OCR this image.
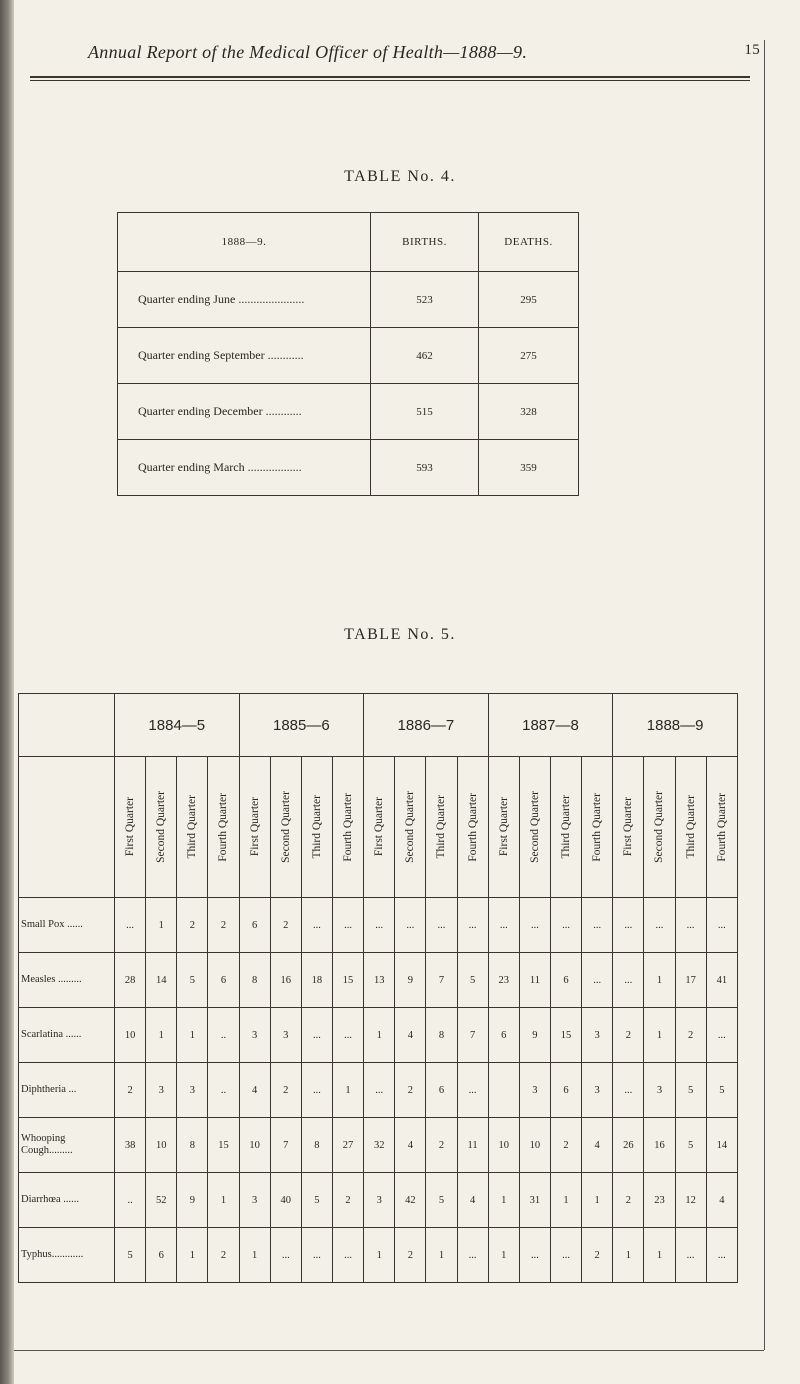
Annual Report of the Medical Officer of Health—1888—9.	15
TABLE No. 4.
1888—9.	BIRTHS.	DEATHS.
Quarter ending June ......................	523	295
Quarter ending September ............	462	275
Quarter ending December ............	515	328
Quarter ending March ..................	593	359
TABLE No. 5.
	1884—5				1885—6				1886—7				1887—8				1888—9			

	First Quarter	Second Quarter	Third Quarter	Fourth Quarter	First Quarter	Second Quarter	Third Quarter	Fourth Quarter	First Quarter	Second Quarter	Third Quarter	Fourth Quarter	First Quarter	Second Quarter	Third Quarter	Fourth Quarter	First Quarter	Second Quarter	Third Quarter	Fourth Quarter

Small Pox ......	...	1	2	2	6	2	...	...	...	...	...	...	...	...	...	...	...	...	...	...
Measles .........	28	14	5	6	8	16	18	15	13	9	7	5	23	11	6	...	...	1	17	41
Scarlatina ......	10	1	1	..	3	3	...	...	1	4	8	7	6	9	15	3	2	1	2	...
Diphtheria ...	2	3	3	..	4	2	...	1	...	2	6	...		3	6	3	...	3	5	5
Whooping Cough.........	38	10	8	15	10	7	8	27	32	4	2	11	10	10	2	4	26	16	5	14
Diarrhœa ......	..	52	9	1	3	40	5	2	3	42	5	4	1	31	1	1	2	23	12	4
Typhus............	5	6	1	2	1	...	...	...	1	2	1	...	1	...	...	2	1	1	...	...
